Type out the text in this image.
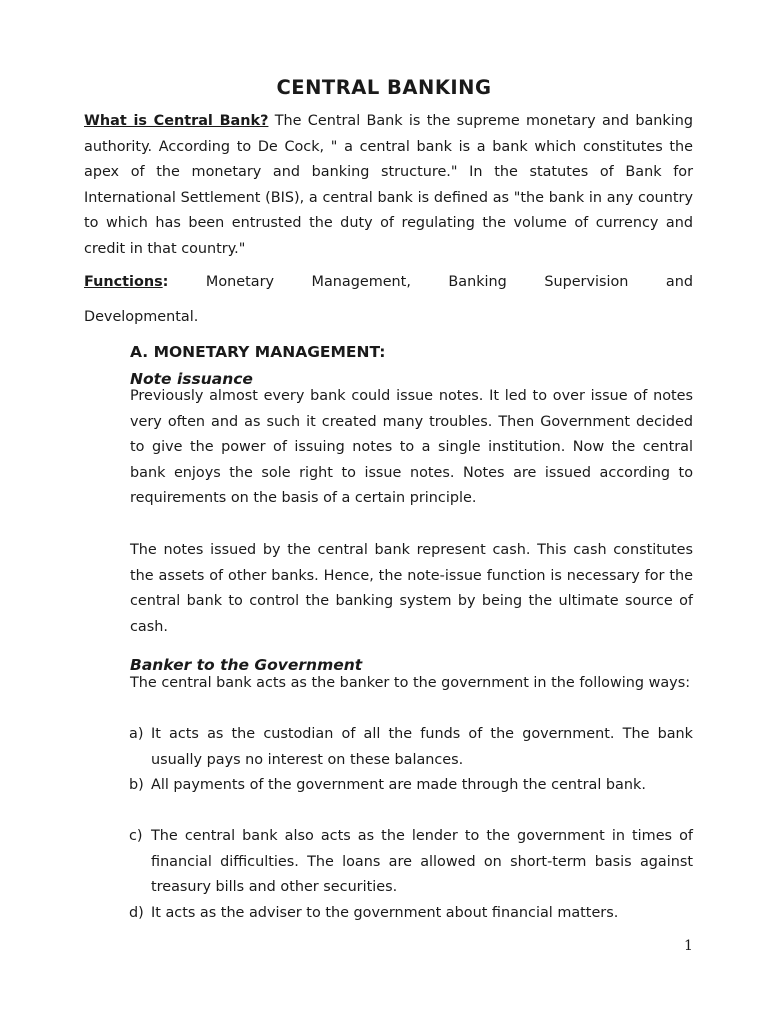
CENTRAL BANKING

What is Central Bank? The Central Bank is the supreme monetary and banking authority. According to De Cock, " a central bank is a bank which constitutes the apex of the monetary and banking structure." In the statutes of Bank for International Settlement (BIS), a central bank is defined as "the bank in any country to which has been entrusted the duty of regulating the volume of currency and credit in that country."

Functions: Monetary Management, Banking Supervision and

Developmental.

A. MONETARY MANAGEMENT:
Note issuance

Previously almost every bank could issue notes. It led to over issue of notes very often and as such it created many troubles. Then Government decided to give the power of issuing notes to a single institution. Now the central bank enjoys the sole right to issue notes. Notes are issued according to requirements on the basis of a certain principle.

The notes issued by the central bank represent cash. This cash constitutes the assets of other banks. Hence, the note-issue function is necessary for the central bank to control the banking system by being the ultimate source of cash.

Banker to the Government

The central bank acts as the banker to the government in the following ways:

a) It acts as the custodian of all the funds of the government. The bank usually pays no interest on these balances.
b) All payments of the government are made through the central bank.
c) The central bank also acts as the lender to the government in times of financial difficulties. The loans are allowed on short-term basis against treasury bills and other securities.
d) It acts as the adviser to the government about financial matters.
1
